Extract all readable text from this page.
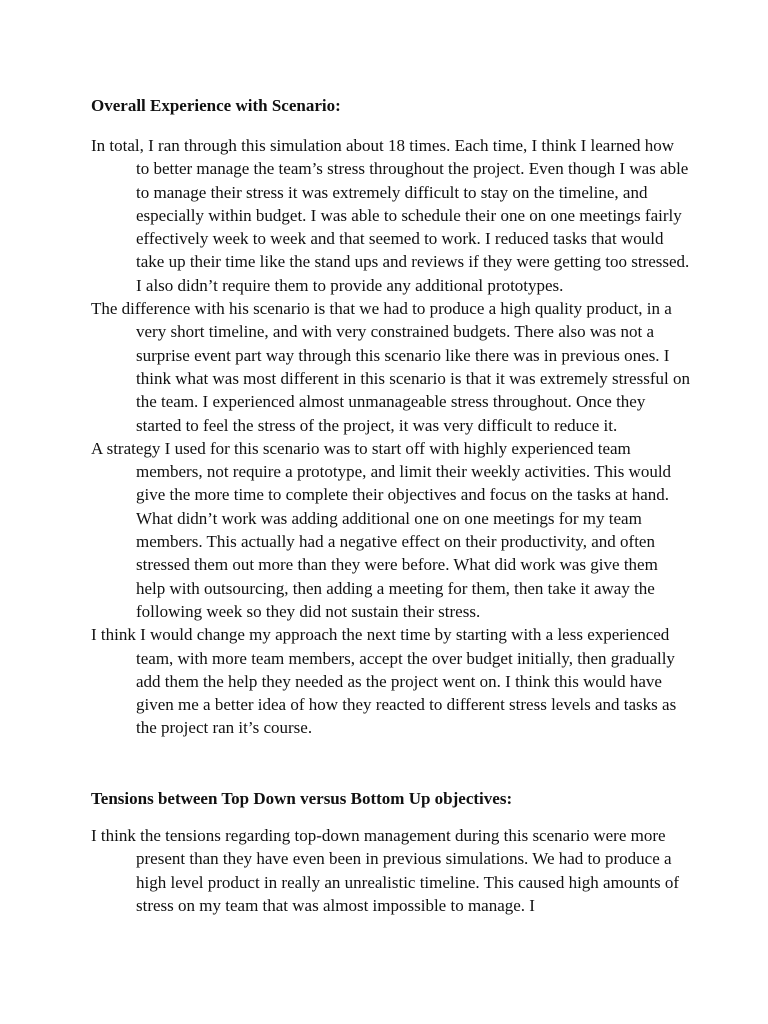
Overall Experience with Scenario:

In total, I ran through this simulation about 18 times. Each time, I think I learned how to better manage the team’s stress throughout the project. Even though I was able to manage their stress it was extremely difficult to stay on the timeline, and especially within budget. I was able to schedule their one on one meetings fairly effectively week to week and that seemed to work. I reduced tasks that would take up their time like the stand ups and reviews if they were getting too stressed. I also didn’t require them to provide any additional prototypes.

The difference with his scenario is that we had to produce a high quality product, in a very short timeline, and with very constrained budgets. There also was not a surprise event part way through this scenario like there was in previous ones. I think what was most different in this scenario is that it was extremely stressful on the team. I experienced almost unmanageable stress throughout. Once they started to feel the stress of the project, it was very difficult to reduce it.

A strategy I used for this scenario was to start off with highly experienced team members, not require a prototype, and limit their weekly activities. This would give the more time to complete their objectives and focus on the tasks at hand. What didn’t work was adding additional one on one meetings for my team members. This actually had a negative effect on their productivity, and often stressed them out more than they were before. What did work was give them help with outsourcing, then adding a meeting for them, then take it away the following week so they did not sustain their stress.

I think I would change my approach the next time by starting with a less experienced team, with more team members, accept the over budget initially, then gradually add them the help they needed as the project went on. I think this would have given me a better idea of how they reacted to different stress levels and tasks as the project ran it’s course.

Tensions between Top Down versus Bottom Up objectives:

I think the tensions regarding top-down management during this scenario were more present than they have even been in previous simulations. We had to produce a high level product in really an unrealistic timeline. This caused high amounts of stress on my team that was almost impossible to manage. I
